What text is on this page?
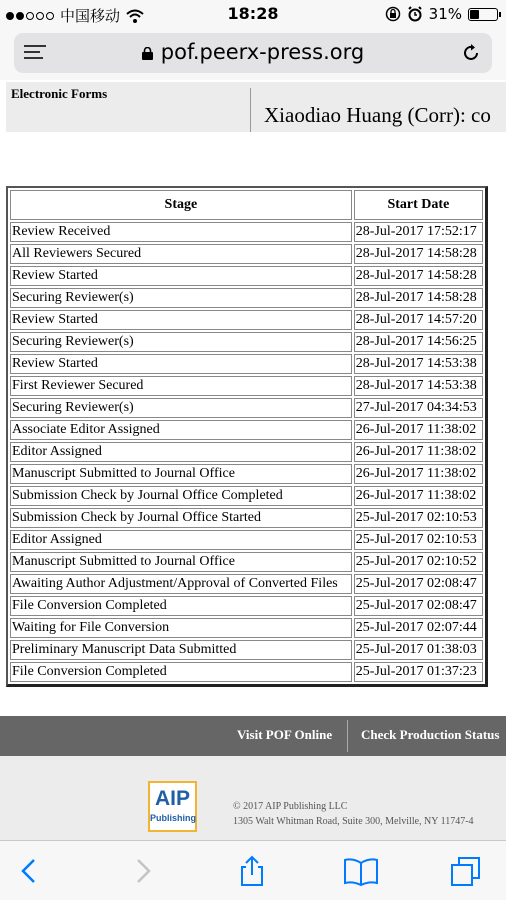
中国移动	18:28	31%
pof.peerx-press.org
Electronic Forms
Xiaodiao Huang (Corr): co
Stage	Start Date
Review Received	28-Jul-2017 17:52:17
All Reviewers Secured	28-Jul-2017 14:58:28
Review Started	28-Jul-2017 14:58:28
Securing Reviewer(s)	28-Jul-2017 14:58:28
Review Started	28-Jul-2017 14:57:20
Securing Reviewer(s)	28-Jul-2017 14:56:25
Review Started	28-Jul-2017 14:53:38
First Reviewer Secured	28-Jul-2017 14:53:38
Securing Reviewer(s)	27-Jul-2017 04:34:53
Associate Editor Assigned	26-Jul-2017 11:38:02
Editor Assigned	26-Jul-2017 11:38:02
Manuscript Submitted to Journal Office	26-Jul-2017 11:38:02
Submission Check by Journal Office Completed	26-Jul-2017 11:38:02
Submission Check by Journal Office Started	25-Jul-2017 02:10:53
Editor Assigned	25-Jul-2017 02:10:53
Manuscript Submitted to Journal Office	25-Jul-2017 02:10:52
Awaiting Author Adjustment/Approval of Converted Files	25-Jul-2017 02:08:47
File Conversion Completed	25-Jul-2017 02:08:47
Waiting for File Conversion	25-Jul-2017 02:07:44
Preliminary Manuscript Data Submitted	25-Jul-2017 01:38:03
File Conversion Completed	25-Jul-2017 01:37:23
Visit POF Online Check Production Status
AIP
Publishing
© 2017 AIP Publishing LLC
1305 Walt Whitman Road, Suite 300, Melville, NY 11747-4
